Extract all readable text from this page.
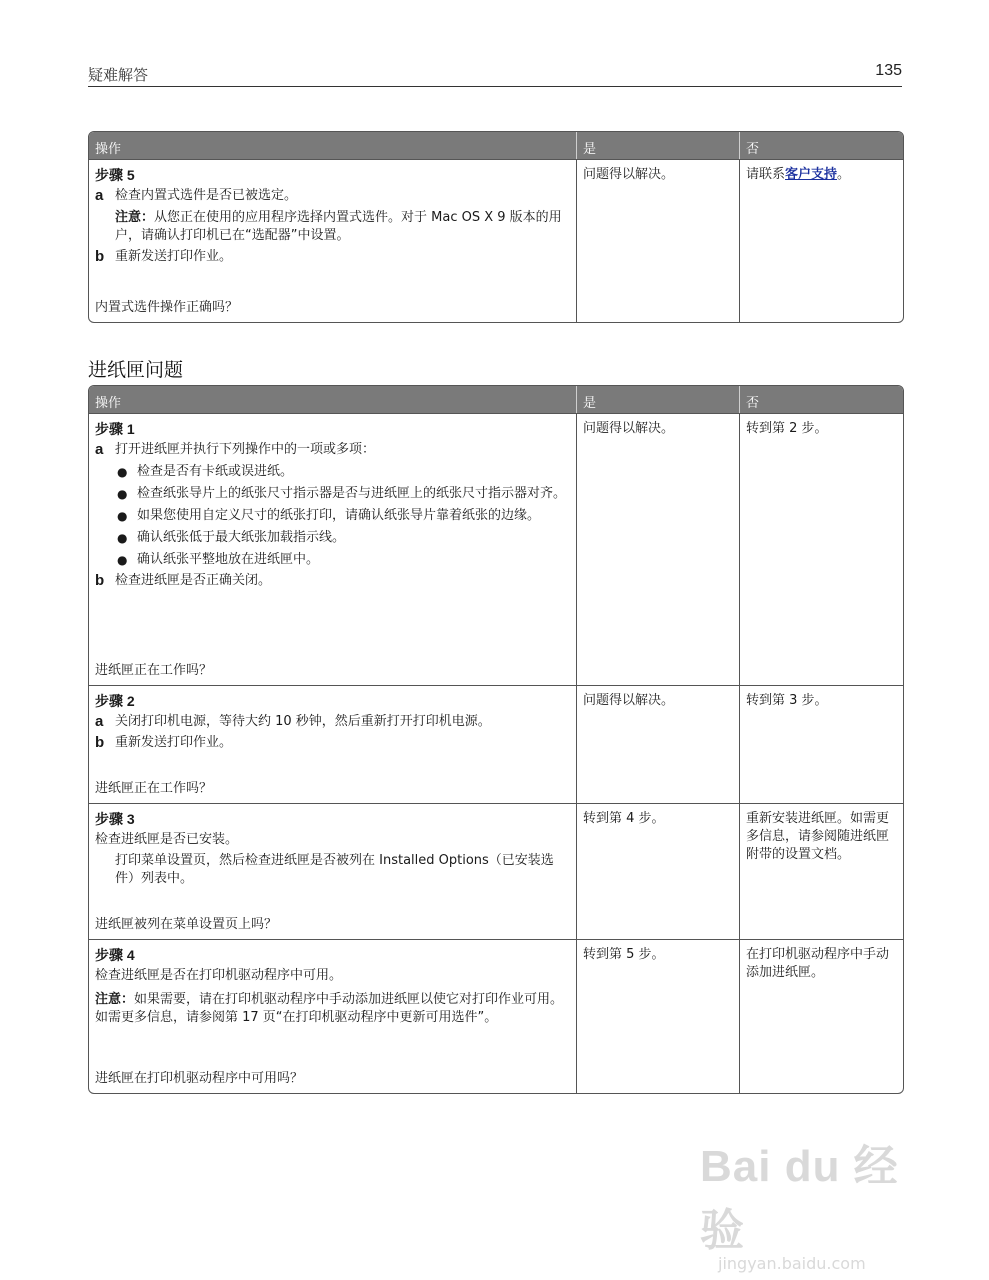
疑难解答	135
操作	是	否
步骤 5
a 检查内置式选件是否已被选定。
注意：从您正在使用的应用程序选择内置式选件。对于 Mac OS X 9 版本的用户，请确认打印机已在“选配器”中设置。
b 重新发送打印作业。
内置式选件操作正确吗？
问题得以解决。	请联系客户支持。
进纸匣问题
操作	是	否
步骤 1
a 打开进纸匣并执行下列操作中的一项或多项：
● 检查是否有卡纸或误进纸。
● 检查纸张导片上的纸张尺寸指示器是否与进纸匣上的纸张尺寸指示器对齐。
● 如果您使用自定义尺寸的纸张打印，请确认纸张导片靠着纸张的边缘。
● 确认纸张低于最大纸张加载指示线。
● 确认纸张平整地放在进纸匣中。
b 检查进纸匣是否正确关闭。
进纸匣正在工作吗？
问题得以解决。	转到第 2 步。
步骤 2
a 关闭打印机电源，等待大约 10 秒钟，然后重新打开打印机电源。
b 重新发送打印作业。
进纸匣正在工作吗？
问题得以解决。	转到第 3 步。
步骤 3
检查进纸匣是否已安装。
打印菜单设置页，然后检查进纸匣是否被列在 Installed Options（已安装选件）列表中。
进纸匣被列在菜单设置页上吗？
转到第 4 步。	重新安装进纸匣。如需更多信息，请参阅随进纸匣附带的设置文档。
步骤 4
检查进纸匣是否在打印机驱动程序中可用。
注意：如果需要，请在打印机驱动程序中手动添加进纸匣以使它对打印作业可用。如需更多信息，请参阅第 17 页“在打印机驱动程序中更新可用选件”。
进纸匣在打印机驱动程序中可用吗？
转到第 5 步。	在打印机驱动程序中手动添加进纸匣。
Bai du 经验
jingyan.baidu.com
